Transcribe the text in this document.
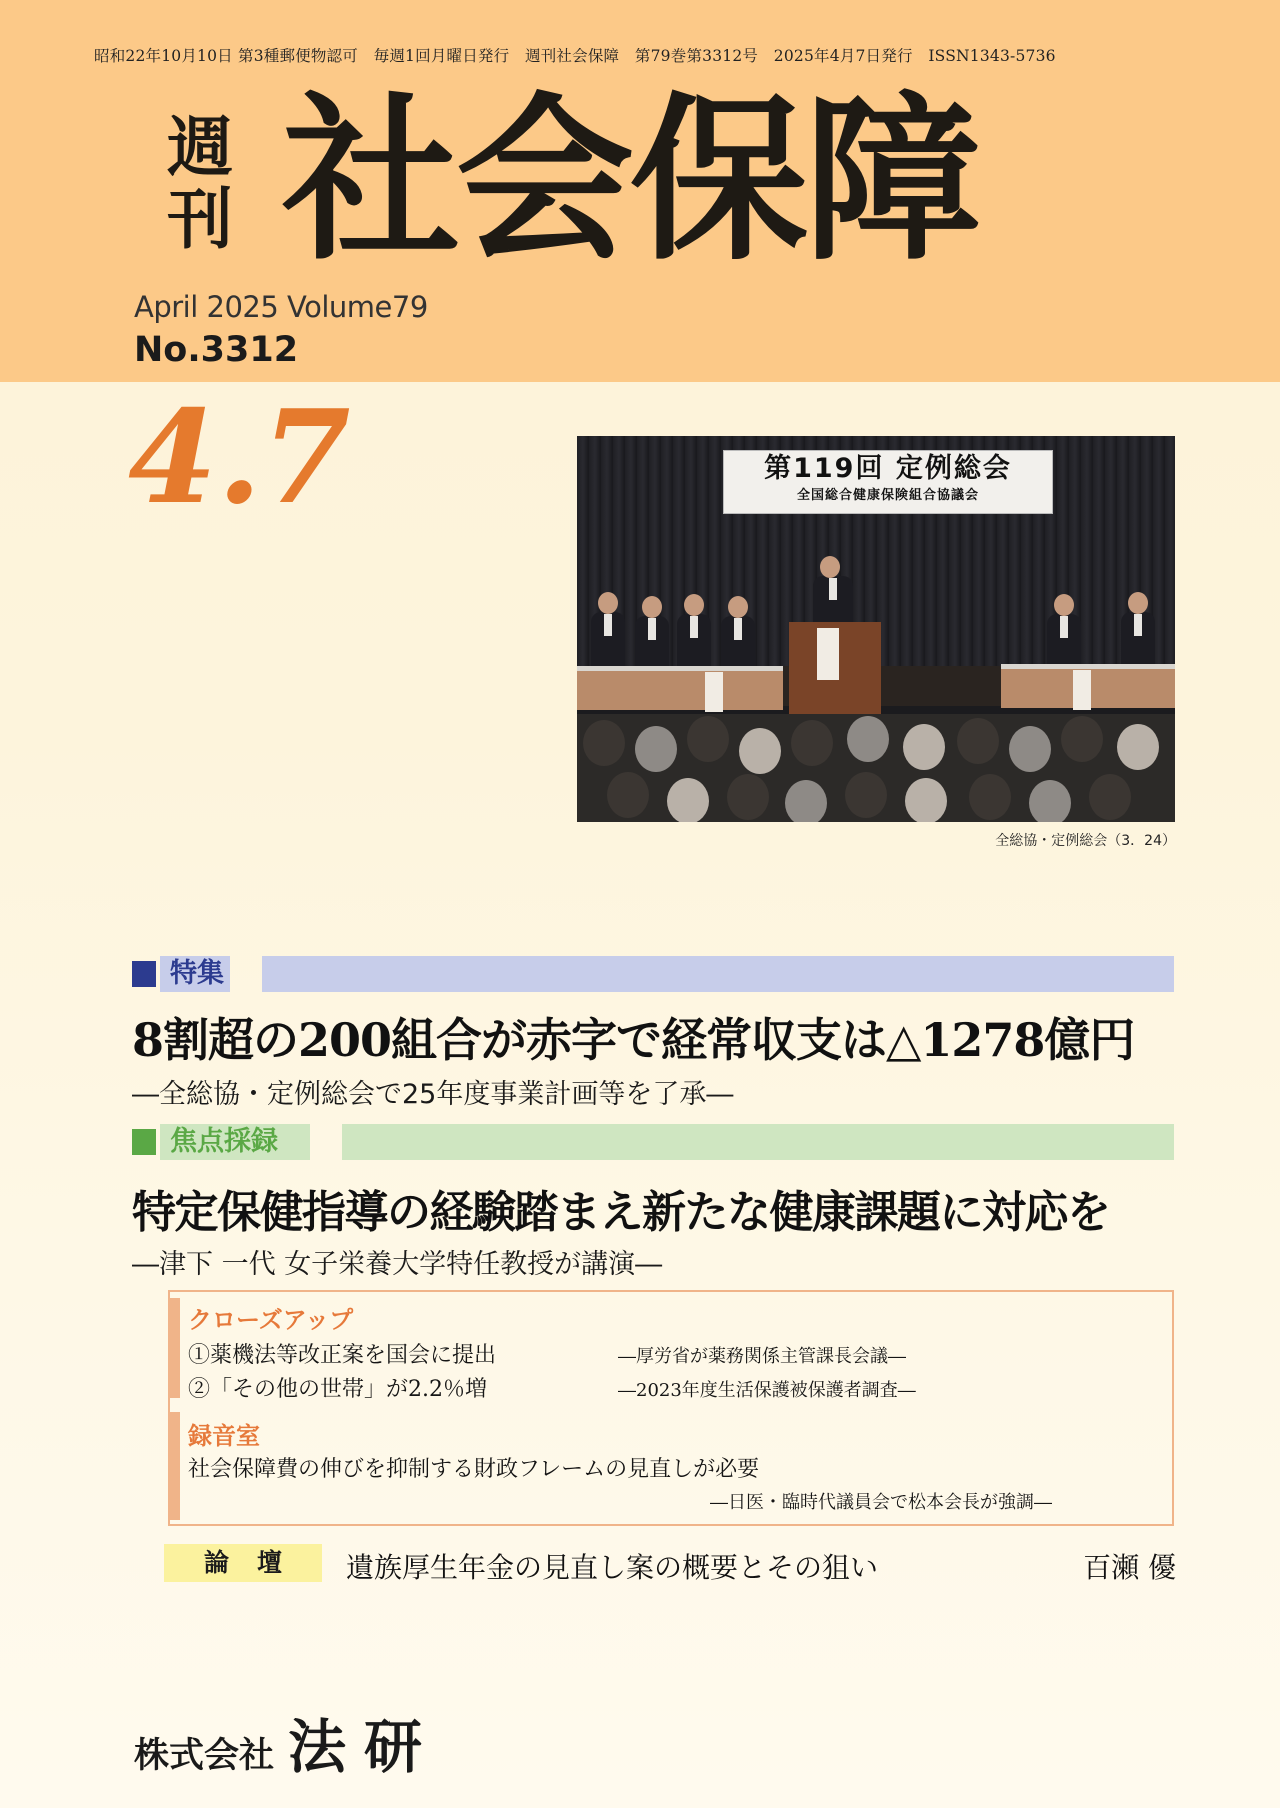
昭和22年10月10日 第3種郵便物認可　毎週1回月曜日発行　週刊社会保障　第79巻第3312号　2025年4月7日発行　ISSN1343-5736
週
刊 社会保障
April 2025 Volume79
No.3312
4.7	第119回 定例総会
全国総合健康保険組合協議会
全総協・定例総会（3．24）
特集
8割超の200組合が赤字で経常収支は△1278億円
―全総協・定例総会で25年度事業計画等を了承―
焦点採録
特定保健指導の経験踏まえ新たな健康課題に対応を
―津下 一代 女子栄養大学特任教授が講演―
クローズアップ
①薬機法等改正案を国会に提出	―厚労省が薬務関係主管課長会議―
②「その他の世帯」が2.2％増	―2023年度生活保護被保護者調査―
録音室
社会保障費の伸びを抑制する財政フレームの見直しが必要
―日医・臨時代議員会で松本会長が強調―
論壇	遺族厚生年金の見直し案の概要とその狙い	百瀬 優
株式会社 法研
